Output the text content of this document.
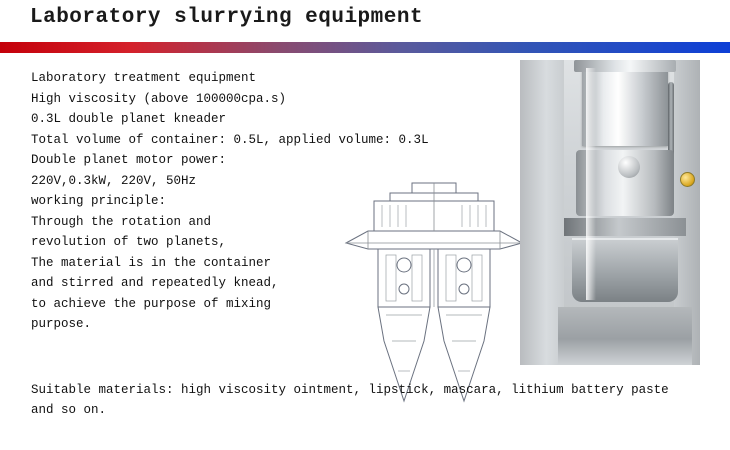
Laboratory slurrying equipment
Laboratory treatment equipment
High viscosity (above 100000cpa.s)
0.3L double planet kneader
Total volume of container: 0.5L, applied volume: 0.3L
Double planet motor power:
220V,0.3kW, 220V, 50Hz
working principle:
Through the rotation and
revolution of two planets,
The material is in the container
and stirred and repeatedly knead,
to achieve the purpose of mixing
purpose.
Suitable materials: high viscosity ointment, lipstick, mascara, lithium battery paste
and so on.
